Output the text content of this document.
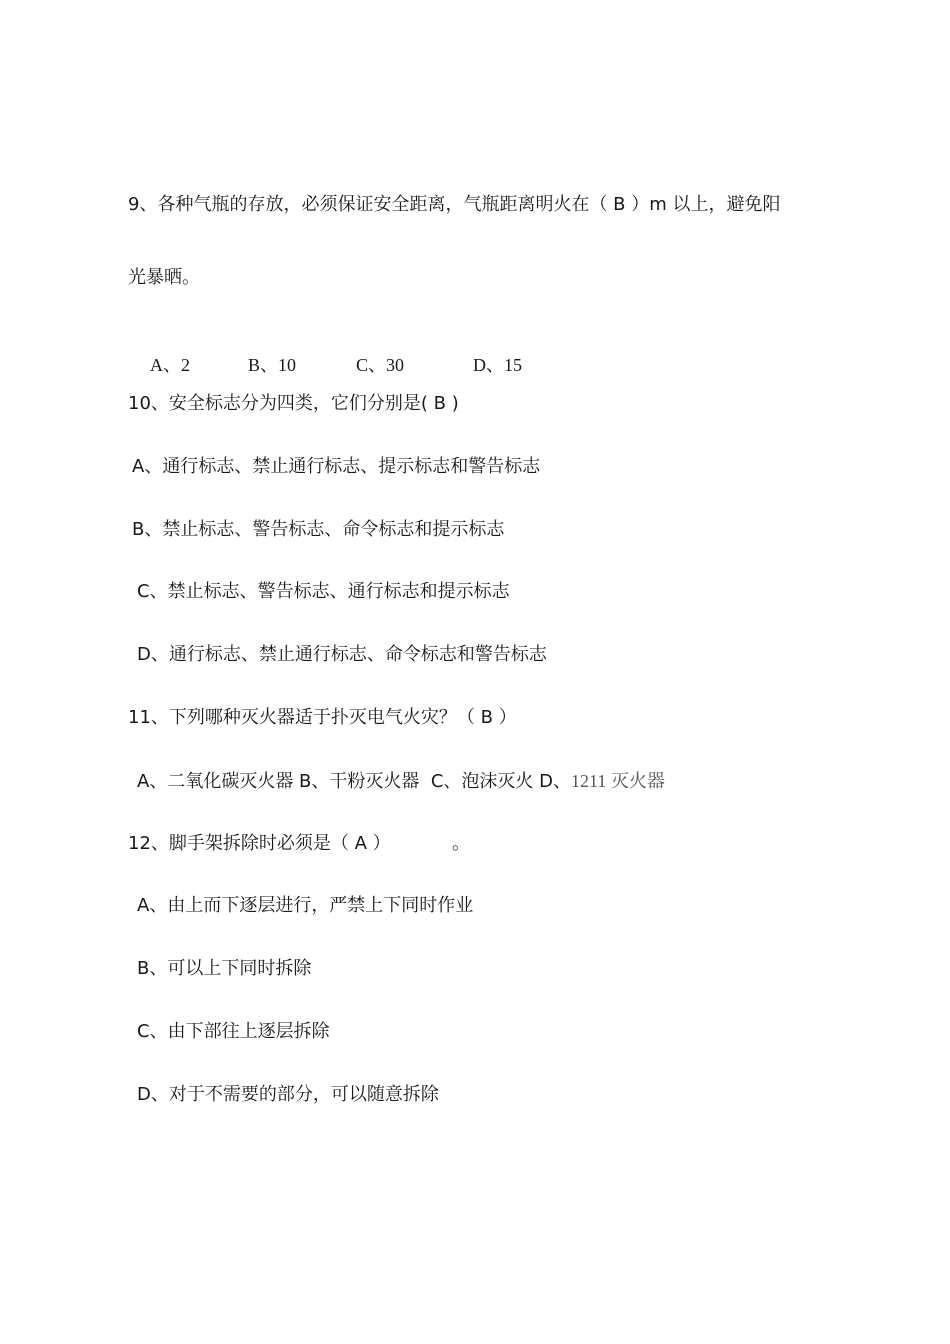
9、各种气瓶的存放，必须保证安全距离，气瓶距离明火在（ B ）m 以上，避免阳
光暴晒。

A、2	B、10	C、30	D、15

10、安全标志分为四类，它们分别是( B )
A、通行标志、禁止通行标志、提示标志和警告标志
B、禁止标志、警告标志、命令标志和提示标志
C、禁止标志、警告标志、通行标志和提示标志
D、通行标志、禁止通行标志、命令标志和警告标志
11、下列哪种灭火器适于扑灭电气火灾？（ B ）
A、二氧化碳灭火器 B、干粉灭火器  C、泡沫灭火 D、1211 灭火器
12、脚手架拆除时必须是（ A ）	。
A、由上而下逐层进行，严禁上下同时作业
B、可以上下同时拆除
C、由下部往上逐层拆除
D、对于不需要的部分，可以随意拆除
